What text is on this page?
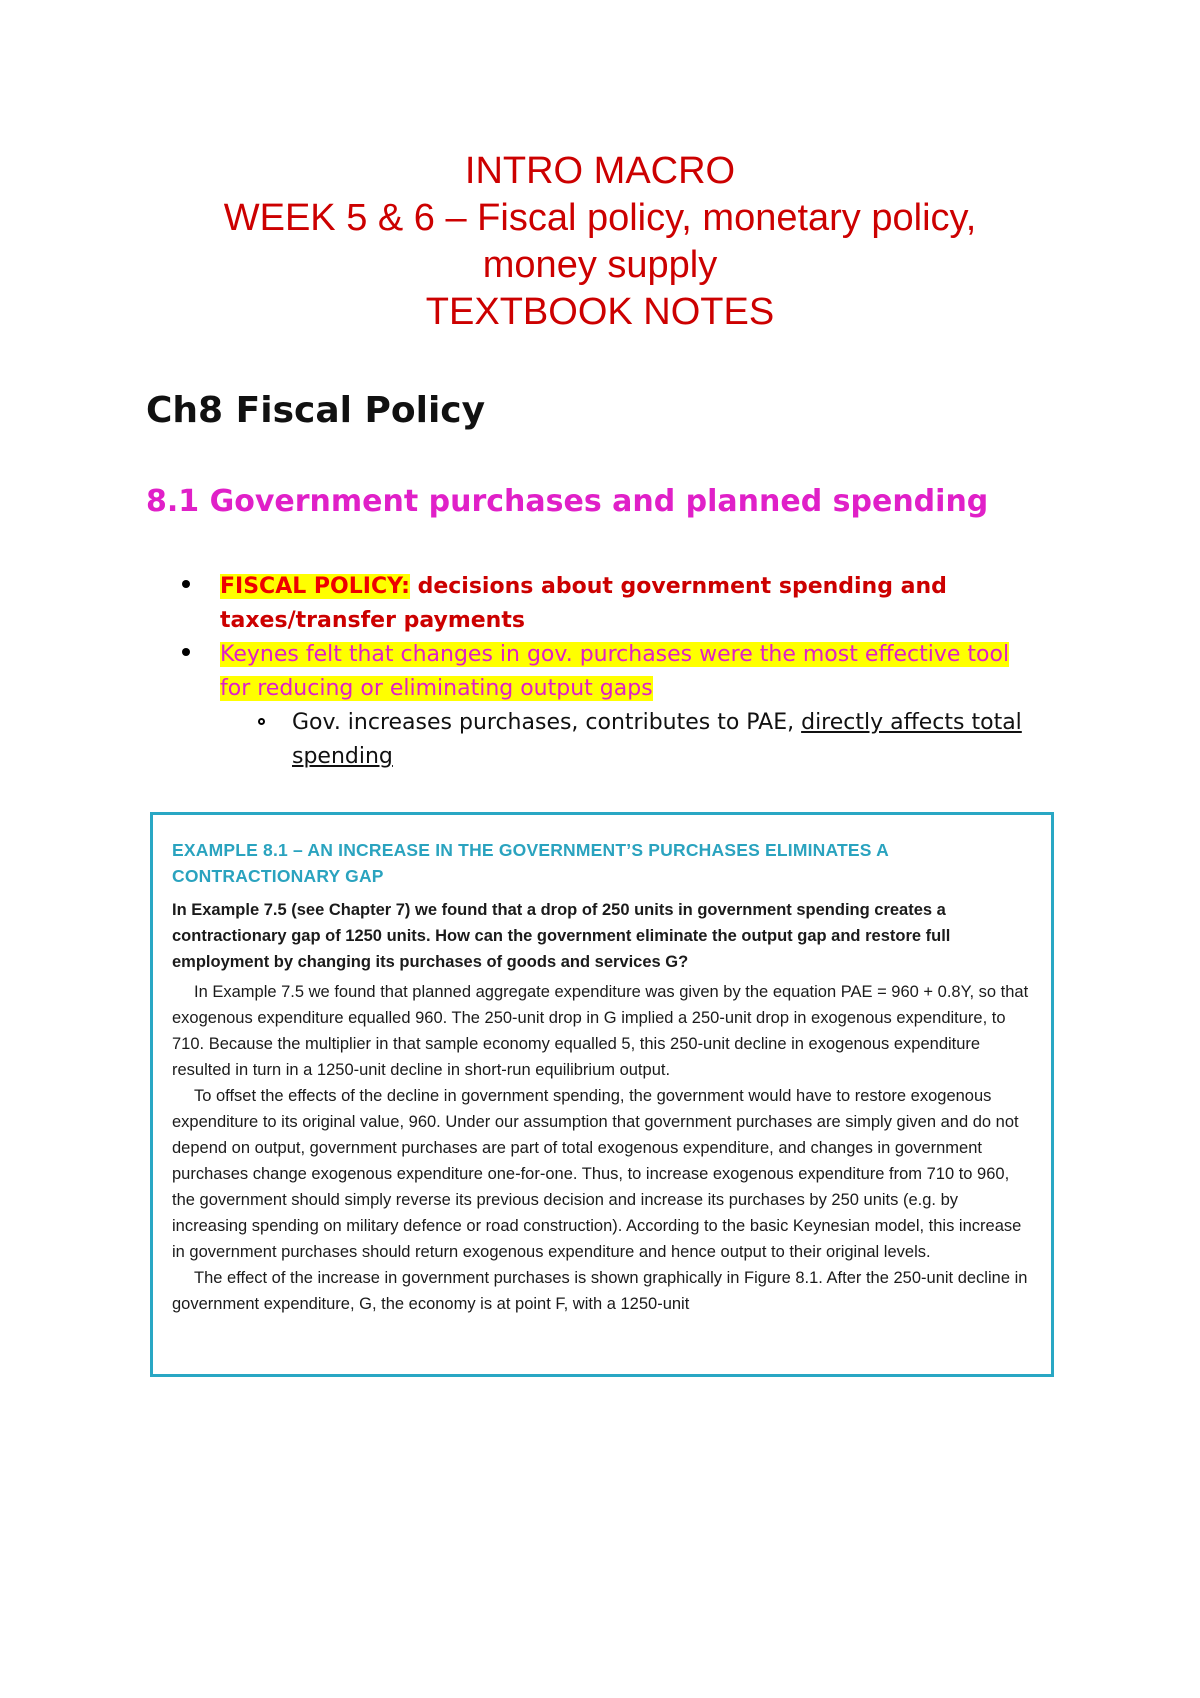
INTRO MACRO
WEEK 5 & 6 – Fiscal policy, monetary policy,
money supply
TEXTBOOK NOTES
Ch8 Fiscal Policy
8.1 Government purchases and planned spending
FISCAL POLICY: decisions about government spending and
taxes/transfer payments
Keynes felt that changes in gov. purchases were the most effective tool
for reducing or eliminating output gaps
Gov. increases purchases, contributes to PAE, directly affects total
spending
EXAMPLE 8.1 – AN INCREASE IN THE GOVERNMENT’S PURCHASES ELIMINATES A
CONTRACTIONARY GAP

In Example 7.5 (see Chapter 7) we found that a drop of 250 units in government spending creates a contractionary gap of 1250 units. How can the government eliminate the output gap and restore full employment by changing its purchases of goods and services G?

In Example 7.5 we found that planned aggregate expenditure was given by the equation PAE = 960 + 0.8Y, so that exogenous expenditure equalled 960. The 250-unit drop in G implied a 250-unit drop in exogenous expenditure, to 710. Because the multiplier in that sample economy equalled 5, this 250-unit decline in exogenous expenditure resulted in turn in a 1250-unit decline in short-run equilibrium output.

To offset the effects of the decline in government spending, the government would have to restore exogenous expenditure to its original value, 960. Under our assumption that government purchases are simply given and do not depend on output, government purchases are part of total exogenous expenditure, and changes in government purchases change exogenous expenditure one-for-one. Thus, to increase exogenous expenditure from 710 to 960, the government should simply reverse its previous decision and increase its purchases by 250 units (e.g. by increasing spending on military defence or road construction). According to the basic Keynesian model, this increase in government purchases should return exogenous expenditure and hence output to their original levels.

The effect of the increase in government purchases is shown graphically in Figure 8.1. After the 250-unit decline in government expenditure, G, the economy is at point F, with a 1250-unit
